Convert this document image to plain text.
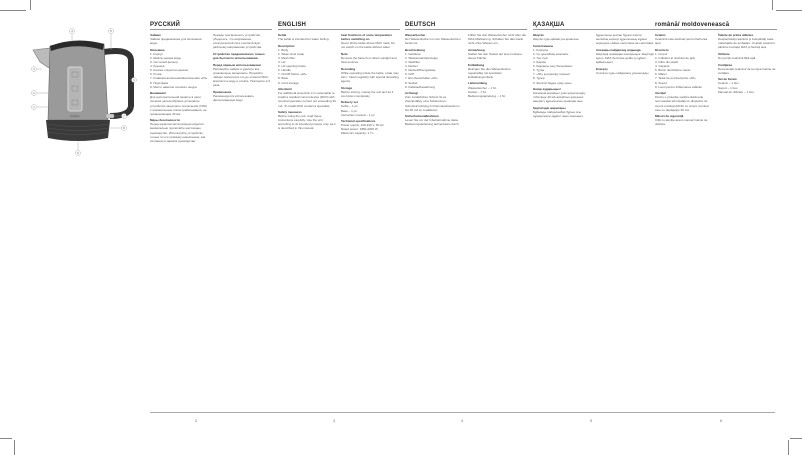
Polaris
1
2
3
4	5
6
7
8
9
РУССКИЙ
Чайник
Чайник предназначен для кипячения воды.
Описание
1. Корпус
2. Шкала уровня воды
3. Сетчатый фильтр
4. Крышка
5. Кнопка открытия крышки
6. Ручка
7. Клавиша включения/выключения «0/I»
8. Подставка
9. Место намотки сетевого шнура
Внимание!
Для дополнительной защиты в цепи питания целесообразно установить устройство защитного отключения (УЗО) с номинальным током срабатывания, не превышающим 30 мА.
Меры безопасности
Перед началом эксплуатации изделия внимательно прочитайте настоящее руководство. Используйте устройство только по его прямому назначению, как изложено в данном руководстве.
Прежде чем включить устройство, убедитесь, что напряжение электрической сети соответствует рабочему напряжению устройства.
Устройство предназначено только для бытового использования.
Перед первым использованием
Распакуйте чайник и удалите все упаковочные материалы. Промойте чайник. Наполните его до отметки MAX, вскипятите воду и слейте. Повторите 2-3 раза.
Примечание
Рекомендуется использовать фильтрованную воду.
ENGLISH
Kettle
The kettle is intended for water boiling.
Description
1. Body
2. Water level scale
3. Mesh filter
4. Lid
5. Lid opening button
6. Handle
7. On/Off button «0/I»
8. Base
9. Cord storage
Attention!
For additional protection it is reasonable to install a residual current device (RCD) with nominal operation current not exceeding 30 mA. To install RCD contact a specialist.
Safety measures
Before using the unit, read these instructions carefully. Use the unit according to its intended purpose only, as it is described in this manual.
heat functions of some temperature before switching on.
Never fill the kettle above MAX mark. Do not switch on the kettle without water.
Note
Remove the base from direct sunlight and heat sources.
Descaling
While operating inside the kettle, scale may form. Clean regularly with special descaling agents.
Storage
Before storing, unplug the unit and let it cool down completely.
Delivery set
Kettle – 1 pc.
Base – 1 pc.
Instruction manual – 1 pc.
Technical specifications
Power supply: 220-240 V, 50 Hz
Rated power: 1850-2200 W
Maximum capacity: 1.7 L
DEUTSCH
Wasserkocher
Der Wasserkocher ist zum Wasserkochen bestimmt.
Beschreibung
1. Gehäuse
2. Wasserstandsanzeige
3. Siebfilter
4. Deckel
5. Deckelöffnungstaste
6. Griff
7. Ein-/Ausschalter «0/I»
8. Sockel
9. Kabelaufbewahrung
Achtung!
Zum zusätzlichen Schutz ist es zweckmäßig, eine Fehlerstrom-Schutzeinrichtung mit Nennauslösestrom bis 30 mA zu installieren.
Sicherheitsmaßnahmen
Lesen Sie vor der Inbetriebnahme diese Bedienungsanleitung aufmerksam durch.
Füllen Sie den Wasserkocher nicht über die MAX-Markierung. Schalten Sie das Gerät nicht ohne Wasser ein.
Anmerkung
Stellen Sie den Sockel auf eine trockene, ebene Fläche.
Entkalkung
Reinigen Sie den Wasserkocher regelmäßig mit speziellen Entkalkungsmitteln.
Lieferumfang
Wasserkocher – 1 St.
Sockel – 1 St.
Bedienungsanleitung – 1 St.
ҚАЗАҚША
Шәугім
Шәугім суды қайнатуға арналған.
Сипаттамасы
1. Корпусы
2. Су деңгейінің шкаласы
3. Тор сүзгі
4. Қақпақ
5. Қақпақты ашу батырмасы
6. Тұтқа
7. «0/I» қосу/өшіру пернесі
8. Тұғыр
9. Желілік бауды орау орны
Назар аударыңыз!
Қосымша қорғаныс үшін қоректендіру тізбегінде 30 мА аспайтын қорғаныс ажырату құрылғысын орнатқан жөн.
Қауіпсіздік шаралары
Бұйымды пайдаланбас бұрын осы нұсқаулықты мұқият оқып шығыңыз.
Құрылғыны қоспас бұрын электр желісінің кернеуі құрылғының жұмыс кернеуіне сәйкес келетініне көз жеткізіңіз.
Алғашқы пайдалану алдында
Шәугімді орамадан шығарыңыз. Шәугімді жуып, MAX белгісіне дейін су құйып, қайнатыңыз.
Ескерту
Сүзілген суды пайдалану ұсынылады.
română/ moldovenească
Ceainic
Ceainicul este destinat pentru fierberea apei.
Descriere
1. Corpul
2. Indicator al nivelului de apă
3. Filtru din plasă
4. Capacul
5. Buton deschidere capac
6. Mâner
7. Tasta de pornire/oprire «0/I»
8. Suport
9. Locul pentru înfășurarea cablului
Atenţie!
Pentru o protecţie suplimentară este recomandat să instalaţi un dispozitiv de curent rezidual (RCD) cu curent nominal care nu depăşeşte 30 mA.
Măsuri de siguranţă
Citiţi cu atenţie acest manual înainte de utilizare.
Înainte de prima utilizare
Despachetaţi ceainicul şi îndepărtaţi toate materialele de ambalare. Umpleţi ceainicul până la marcajul MAX şi fierbeţi apa.
Utilizare
Nu porniţi ceainicul fără apă.
Curăţarea
Deconectaţi ceainicul de la reţea înainte de curăţare.
Set de livrare
Ceainic – 1 buc.
Suport – 1 buc.
Manual de utilizare – 1 buc.
2	3	4	5	6
